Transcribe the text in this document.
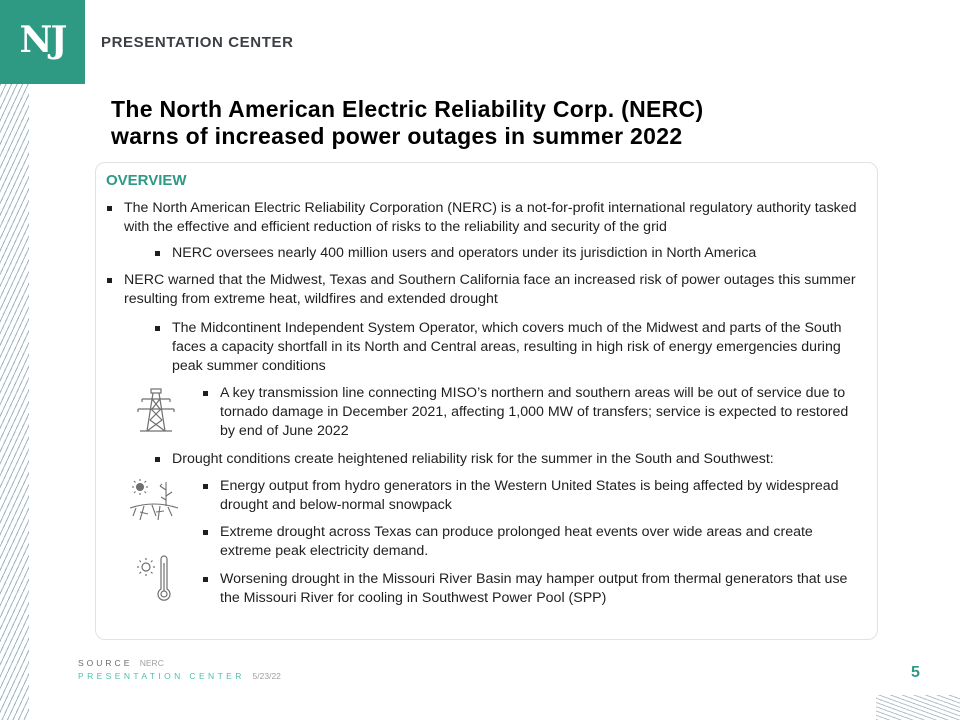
NJ PRESENTATION CENTER
The North American Electric Reliability Corp. (NERC)
warns of increased power outages in summer 2022
OVERVIEW
The North American Electric Reliability Corporation (NERC) is a not-for-profit international regulatory authority tasked with the effective and efficient reduction of risks to the reliability and security of the grid
NERC oversees nearly 400 million users and operators under its jurisdiction in North America
NERC warned that the Midwest, Texas and Southern California face an increased risk of power outages this summer resulting from extreme heat, wildfires and extended drought
The Midcontinent Independent System Operator, which covers much of the Midwest and parts of the South faces a capacity shortfall in its North and Central areas, resulting in high risk of energy emergencies during peak summer conditions
A key transmission line connecting MISO’s northern and southern areas will be out of service due to tornado damage in December 2021, affecting 1,000 MW of transfers; service is expected to restored by end of June 2022
Drought conditions create heightened reliability risk for the summer in the South and Southwest:
Energy output from hydro generators in the Western United States is being affected by widespread drought and below-normal snowpack
Extreme drought across Texas can produce prolonged heat events over wide areas and create extreme peak electricity demand.
Worsening drought in the Missouri River Basin may hamper output from thermal generators that use the Missouri River for cooling in Southwest Power Pool (SPP)
SOURCE NERC
PRESENTATION CENTER 5/23/22	5
